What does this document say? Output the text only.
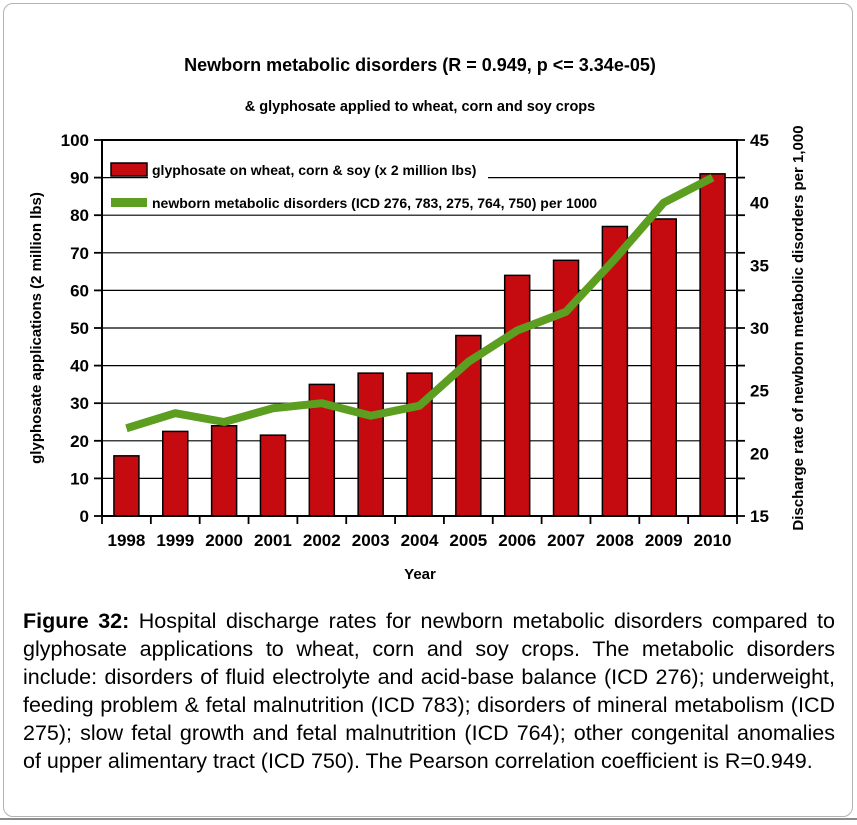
0
10
20
30
40
50
60
70
80
90
100
15
20
25
30
35
40
45
1998 1999 2000 2001 2002 2003 2004 2005 2006 2007 2008 2009 2010
Newborn metabolic disorders (R = 0.949, p <= 3.34e-05)
& glyphosate applied to wheat, corn and soy crops
glyphosate applications (2 million lbs)	Discharge rate of newborn metabolic disorders per 1,000
Year
glyphosate on wheat, corn & soy (x 2 million lbs)
newborn metabolic disorders (ICD 276, 783, 275, 764, 750) per 1000

Figure 32: Hospital discharge rates for newborn metabolic disorders compared to glyphosate applications to wheat, corn and soy crops. The metabolic disorders include: disorders of fluid electrolyte and acid-base balance (ICD 276); underweight, feeding problem & fetal malnutrition (ICD 783); disorders of mineral metabolism (ICD 275); slow fetal growth and fetal malnutrition (ICD 764); other congenital anomalies of upper alimentary tract (ICD 750). The Pearson correlation coefficient is R=0.949.
